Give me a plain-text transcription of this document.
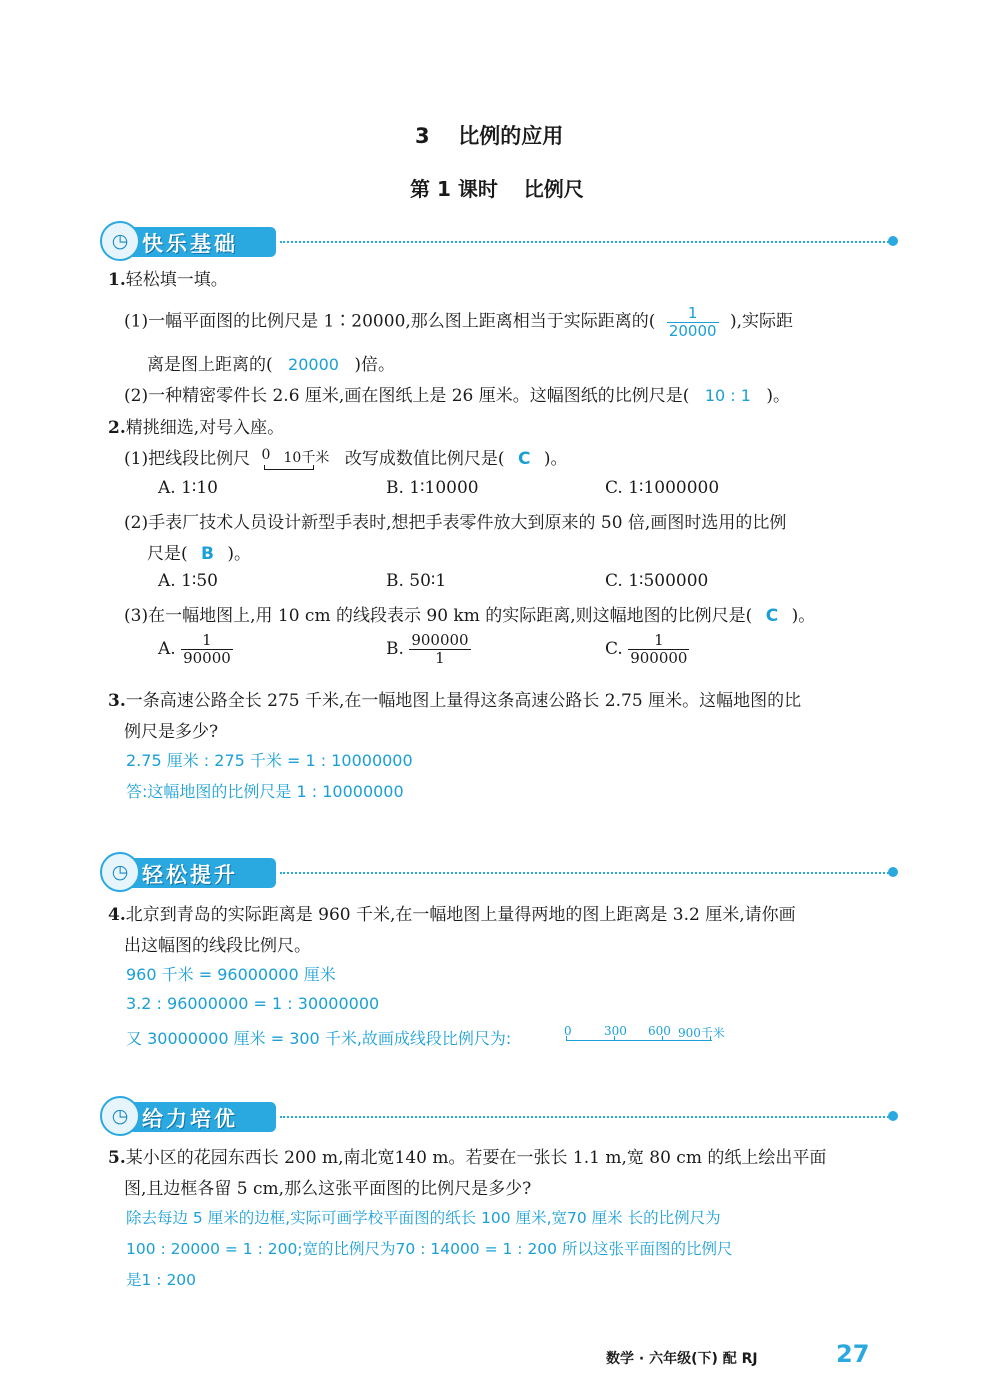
3 比例的应用
第 1 课时 比例尺
◷ 快乐基础
1.轻松填一填。
(1)一幅平面图的比例尺是 1∶20000,那么图上距离相当于实际距离的( $\frac{1}{20000}$ ),实际距
离是图上距离的( 20000 )倍。
(2)一种精密零件长 2.6 厘米,画在图纸上是 26 厘米。这幅图纸的比例尺是( 10 : 1 )。
2.精挑细选,对号入座。
(1)把线段比例尺 0 10千米 改写成数值比例尺是( C )。
A. 1∶10	B. 1∶10000	C. 1∶1000000
(2)手表厂技术人员设计新型手表时,想把手表零件放大到原来的 50 倍,画图时选用的比例
尺是( B )。
A. 1∶50	B. 50∶1	C. 1∶500000
(3)在一幅地图上,用 10 cm 的线段表示 90 km 的实际距离,则这幅地图的比例尺是( C )。
A. $\frac{1}{90000}$	B. $\frac{900000}{1}$	C. $\frac{1}{900000}$
3.一条高速公路全长 275 千米,在一幅地图上量得这条高速公路长 2.75 厘米。这幅地图的比
例尺是多少?
2.75 厘米 : 275 千米 = 1 : 10000000
答:这幅地图的比例尺是 1 : 10000000
◷ 轻松提升
4.北京到青岛的实际距离是 960 千米,在一幅地图上量得两地的图上距离是 3.2 厘米,请你画
出这幅图的线段比例尺。
960 千米 = 96000000 厘米
3.2 : 96000000 = 1 : 30000000
又 30000000 厘米 = 300 千米,故画成线段比例尺为:	0	300 600 900千米
◷ 给力培优
5.某小区的花园东西长 200 m,南北宽140 m。若要在一张长 1.1 m,宽 80 cm 的纸上绘出平面
图,且边框各留 5 cm,那么这张平面图的比例尺是多少?
除去每边 5 厘米的边框,实际可画学校平面图的纸长 100 厘米,宽70 厘米 长的比例尺为
100 : 20000 = 1 : 200;宽的比例尺为70 : 14000 = 1 : 200 所以这张平面图的比例尺
是1 : 200
数学 · 六年级(下) 配 RJ	27
